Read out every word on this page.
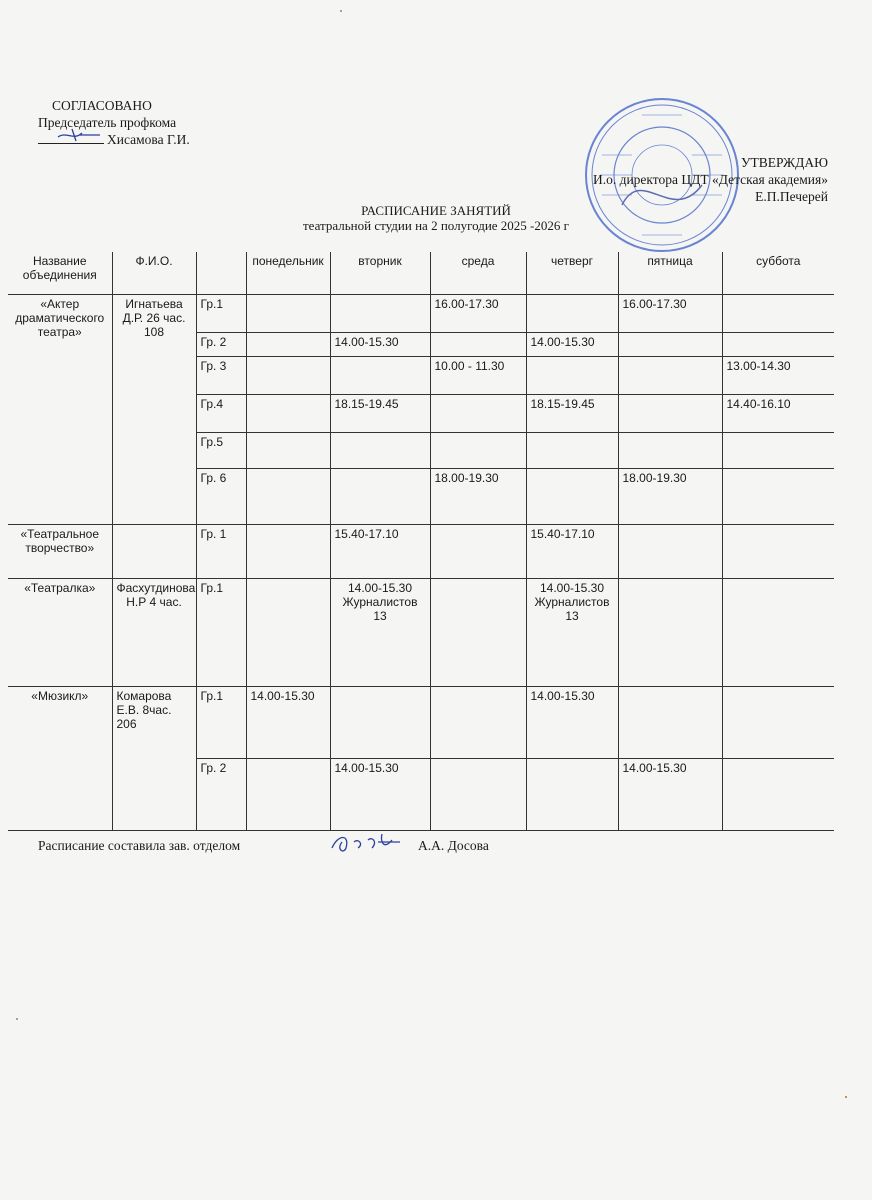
СОГЛАСОВАНО
Председатель профкома
Хисамова Г.И.
УТВЕРЖДАЮ
И.о. директора ЦДТ «Детская академия»
Е.П.Печерей
РАСПИСАНИЕ ЗАНЯТИЙ
театральной студии на 2 полугодие 2025 -2026 г
Название объединения	Ф.И.О.		понедельник	вторник	среда	четверг	пятница	суббота
«Актер драматического театра»	Игнатьева Д.Р. 26 час. 108	Гр.1			16.00-17.30		16.00-17.30	
		Гр. 2		14.00-15.30		14.00-15.30		
		Гр. 3			10.00 - 11.30			13.00-14.30
		Гр.4		18.15-19.45		18.15-19.45		14.40-16.10
		Гр.5						
		Гр. 6			18.00-19.30		18.00-19.30	
«Театральное творчество»		Гр. 1		15.40-17.10		15.40-17.10		
«Театралка»	Фасхутдинова Н.Р 4 час.	Гр.1		14.00-15.30 Журналистов 13		14.00-15.30 Журналистов 13		
«Мюзикл»	Комарова Е.В. 8час. 206	Гр.1	14.00-15.30			14.00-15.30		
		Гр. 2		14.00-15.30			14.00-15.30	
Расписание составила зав. отделом	А.А. Досова
